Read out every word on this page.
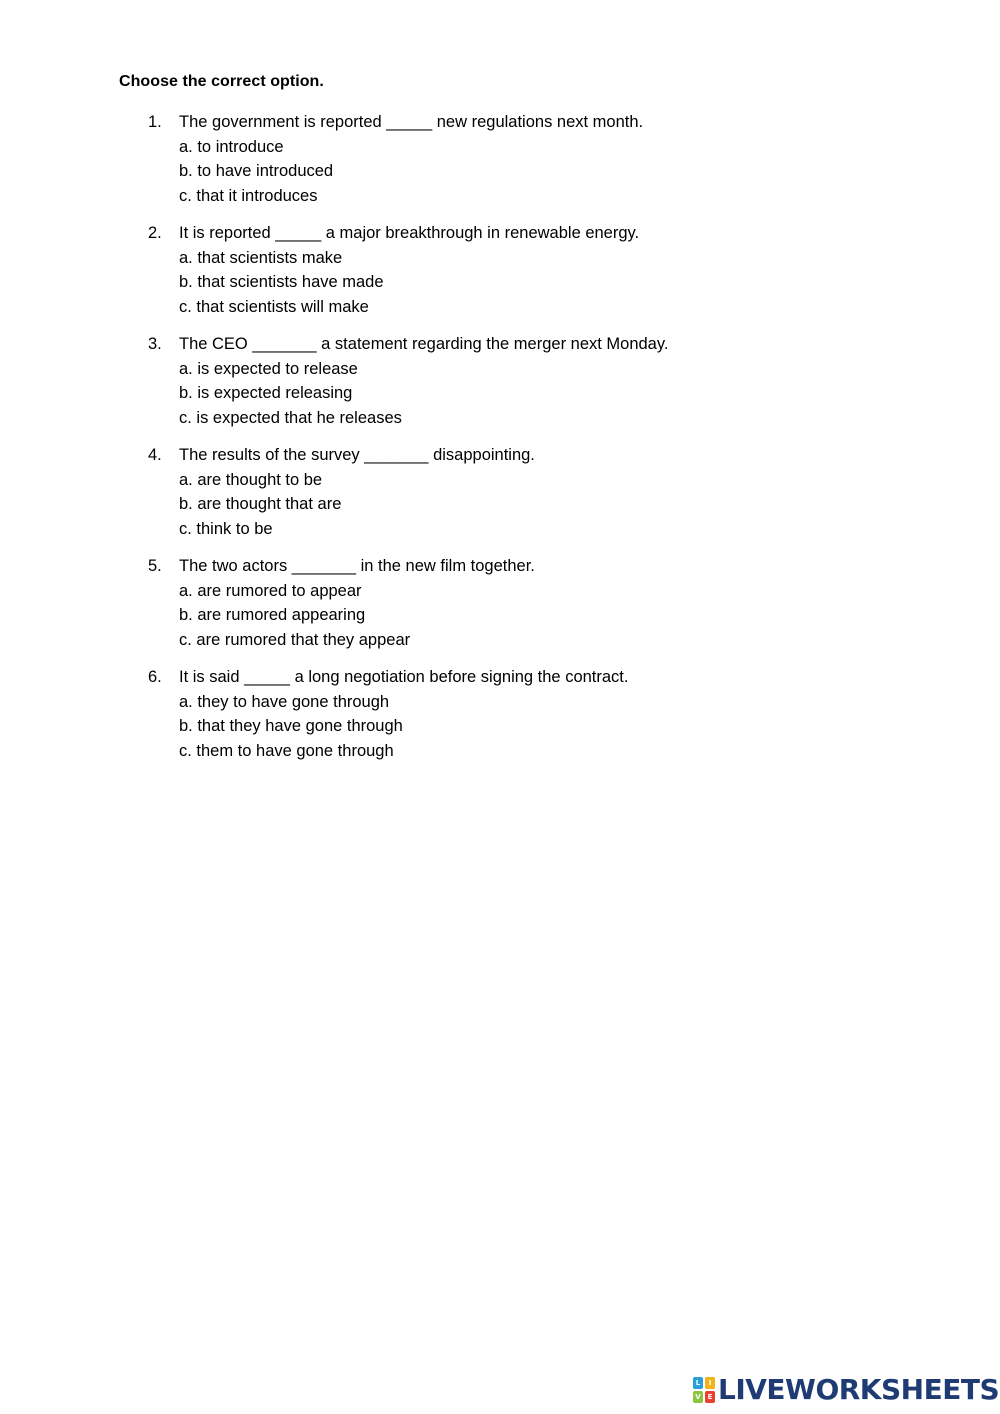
Choose the correct option.
1. The government is reported _____ new regulations next month.
a. to introduce
b. to have introduced
c. that it introduces
2. It is reported _____ a major breakthrough in renewable energy.
a. that scientists make
b. that scientists have made
c. that scientists will make
3. The CEO _______ a statement regarding the merger next Monday.
a. is expected to release
b. is expected releasing
c. is expected that he releases
4. The results of the survey _______ disappointing.
a. are thought to be
b. are thought that are
c. think to be
5. The two actors _______ in the new film together.
a. are rumored to appear
b. are rumored appearing
c. are rumored that they appear
6. It is said _____ a long negotiation before signing the contract.
a. they to have gone through
b. that they have gone through
c. them to have gone through
L	I
V E LIVEWORKSHEETS
